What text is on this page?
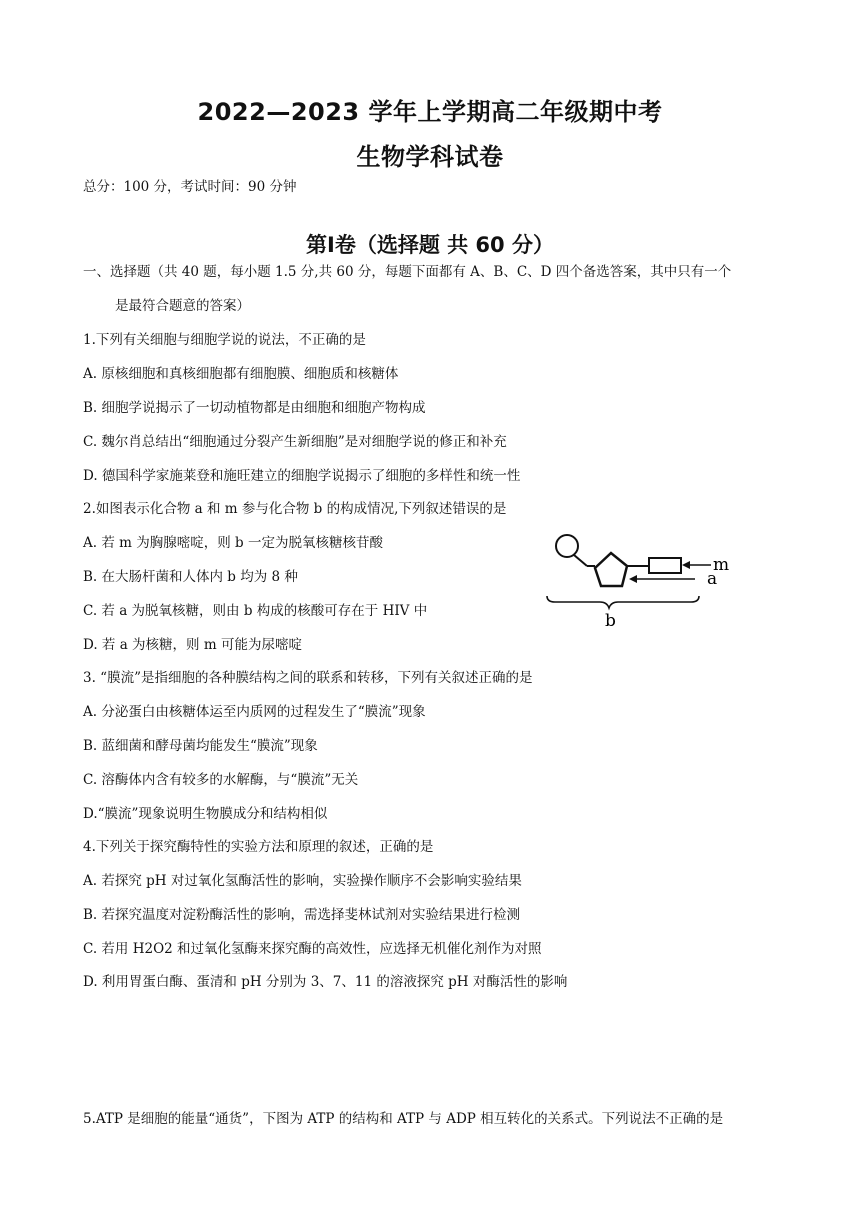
2022—2023 学年上学期高二年级期中考
生物学科试卷
总分：100 分，考试时间：90 分钟
第Ⅰ卷（选择题 共 60 分）
一、选择题（共 40 题，每小题 1.5 分,共 60 分，每题下面都有 A、B、C、D 四个备选答案，其中只有一个
是最符合题意的答案）
1.下列有关细胞与细胞学说的说法，不正确的是
A. 原核细胞和真核细胞都有细胞膜、细胞质和核糖体
B. 细胞学说揭示了一切动植物都是由细胞和细胞产物构成
C. 魏尔肖总结出“细胞通过分裂产生新细胞”是对细胞学说的修正和补充
D. 德国科学家施莱登和施旺建立的细胞学说揭示了细胞的多样性和统一性
2.如图表示化合物 a 和 m 参与化合物 b 的构成情况,下列叙述错误的是
A. 若 m 为胸腺嘧啶，则 b 一定为脱氧核糖核苷酸
B. 在大肠杆菌和人体内 b 均为 8 种
C. 若 a 为脱氧核糖，则由 b 构成的核酸可存在于 HIV 中
D. 若 a 为核糖，则 m 可能为尿嘧啶
m
a
b
3. “膜流”是指细胞的各种膜结构之间的联系和转移，下列有关叙述正确的是
A. 分泌蛋白由核糖体运至内质网的过程发生了“膜流”现象
B. 蓝细菌和酵母菌均能发生“膜流”现象
C. 溶酶体内含有较多的水解酶，与“膜流”无关
D.“膜流”现象说明生物膜成分和结构相似
4.下列关于探究酶特性的实验方法和原理的叙述，正确的是
A. 若探究 pH 对过氧化氢酶活性的影响，实验操作顺序不会影响实验结果
B. 若探究温度对淀粉酶活性的影响，需选择斐林试剂对实验结果进行检测
C. 若用 H2O2 和过氧化氢酶来探究酶的高效性，应选择无机催化剂作为对照
D. 利用胃蛋白酶、蛋清和 pH 分别为 3、7、11 的溶液探究 pH 对酶活性的影响
5.ATP 是细胞的能量“通货”，下图为 ATP 的结构和 ATP 与 ADP 相互转化的关系式。下列说法不正确的是
